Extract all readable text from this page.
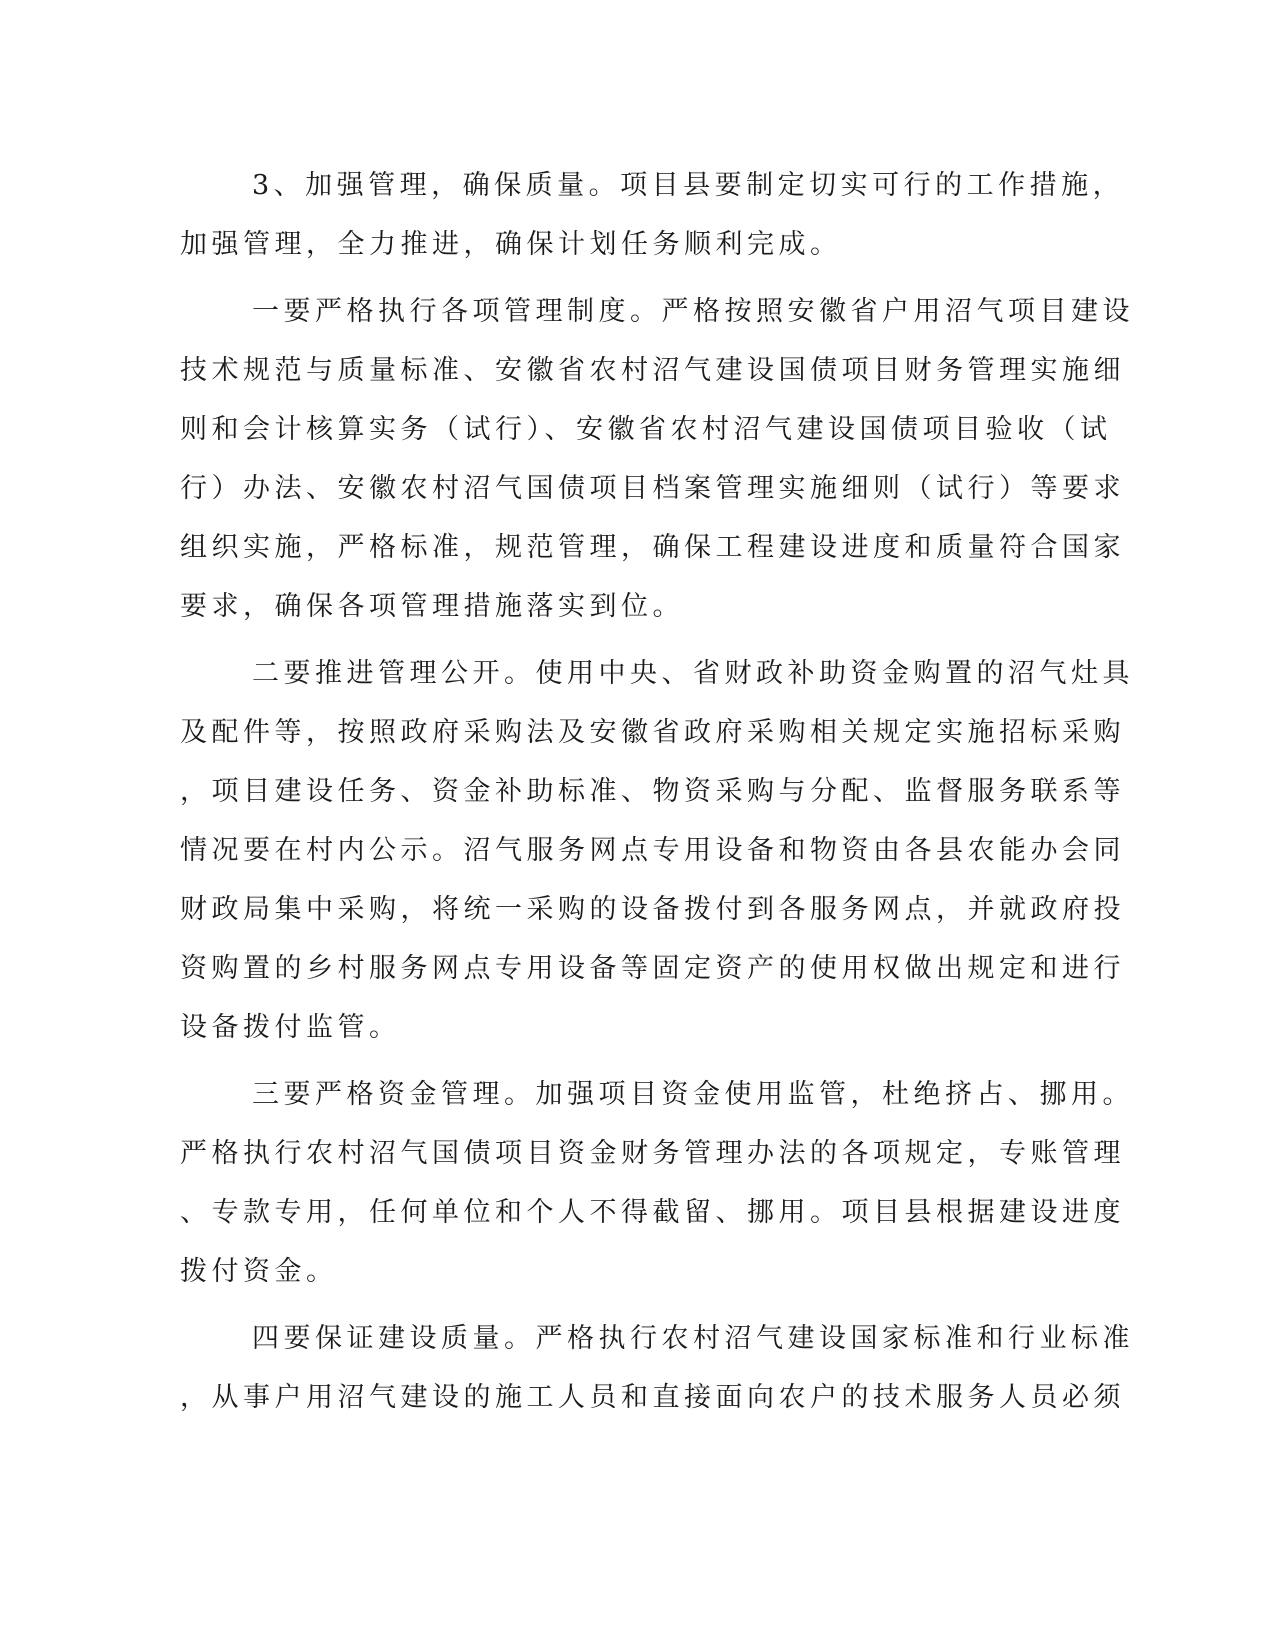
3、加强管理，确保质量。项目县要制定切实可行的工作措施，
加强管理，全力推进，确保计划任务顺利完成。
一要严格执行各项管理制度。严格按照安徽省户用沼气项目建设
技术规范与质量标准、安徽省农村沼气建设国债项目财务管理实施细
则和会计核算实务（试行）、安徽省农村沼气建设国债项目验收（试
行）办法、安徽农村沼气国债项目档案管理实施细则（试行）等要求
组织实施，严格标准，规范管理，确保工程建设进度和质量符合国家
要求，确保各项管理措施落实到位。
二要推进管理公开。使用中央、省财政补助资金购置的沼气灶具
及配件等，按照政府采购法及安徽省政府采购相关规定实施招标采购
，项目建设任务、资金补助标准、物资采购与分配、监督服务联系等
情况要在村内公示。沼气服务网点专用设备和物资由各县农能办会同
财政局集中采购，将统一采购的设备拨付到各服务网点，并就政府投
资购置的乡村服务网点专用设备等固定资产的使用权做出规定和进行
设备拨付监管。
三要严格资金管理。加强项目资金使用监管，杜绝挤占、挪用。
严格执行农村沼气国债项目资金财务管理办法的各项规定，专账管理
、专款专用，任何单位和个人不得截留、挪用。项目县根据建设进度
拨付资金。
四要保证建设质量。严格执行农村沼气建设国家标准和行业标准
，从事户用沼气建设的施工人员和直接面向农户的技术服务人员必须
